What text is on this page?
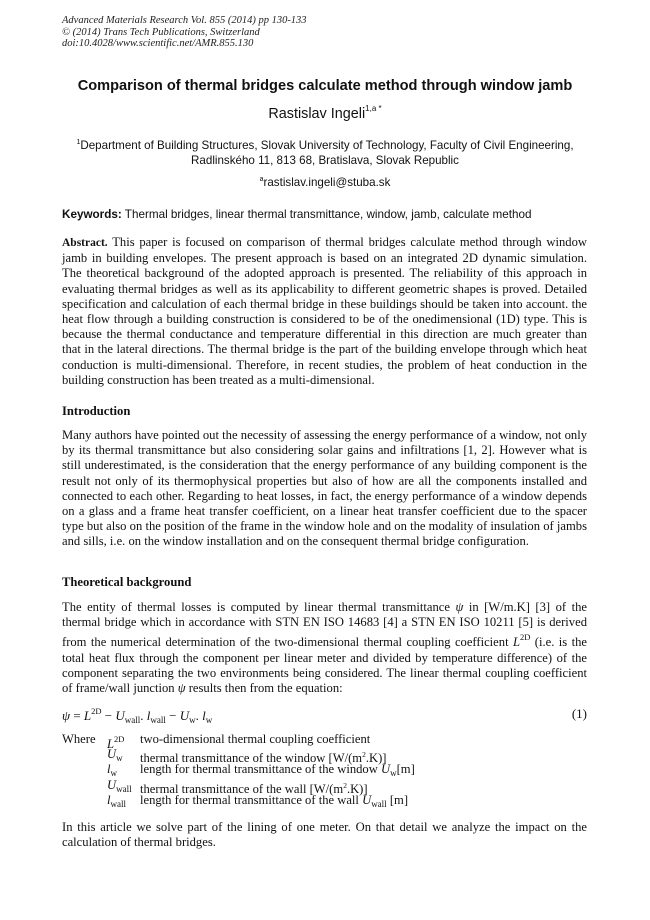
Advanced Materials Research Vol. 855 (2014) pp 130-133
© (2014) Trans Tech Publications, Switzerland
doi:10.4028/www.scientific.net/AMR.855.130
Comparison of thermal bridges calculate method through window jamb
Rastislav Ingeli$^{1,a *}$
$^1$Department of Building Structures, Slovak University of Technology, Faculty of Civil Engineering,
Radlinského 11, 813 68, Bratislava, Slovak Republic
$^a$rastislav.ingeli@stuba.sk
Keywords: Thermal bridges, linear thermal transmittance, window, jamb, calculate method
Abstract. This paper is focused on comparison of thermal bridges calculate method through window jamb in building envelopes. The present approach is based on an integrated 2D dynamic simulation. The theoretical background of the adopted approach is presented. The reliability of this approach in evaluating thermal bridges as well as its applicability to different geometric shapes is proved. Detailed specification and calculation of each thermal bridge in these buildings should be taken into account. the heat flow through a building construction is considered to be of the onedimensional (1D) type. This is because the thermal conductance and temperature differential in this direction are much greater than that in the lateral directions. The thermal bridge is the part of the building envelope through which heat conduction is multi-dimensional. Therefore, in recent studies, the problem of heat conduction in the building construction has been treated as a multi-dimensional.
Introduction
Many authors have pointed out the necessity of assessing the energy performance of a window, not only by its thermal transmittance but also considering solar gains and infiltrations [1, 2]. However what is still underestimated, is the consideration that the energy performance of any building component is the result not only of its thermophysical properties but also of how are all the components installed and connected to each other. Regarding to heat losses, in fact, the energy performance of a window depends on a glass and a frame heat transfer coefficient, on a linear heat transfer coefficient due to the spacer type but also on the position of the frame in the window hole and on the modality of insulation of jambs and sills, i.e. on the window installation and on the consequent thermal bridge configuration.
Theoretical background
The entity of thermal losses is computed by linear thermal transmittance ψ in [W/m.K] [3] of the thermal bridge which in accordance with STN EN ISO 14683 [4] a STN EN ISO 10211 [5] is derived from the numerical determination of the two-dimensional thermal coupling coefficient $L^{2D}$ (i.e. is the total heat flux through the component per linear meter and divided by temperature difference) of the component separating the two environments being considered. The linear thermal coupling coefficient of frame/wall junction ψ results then from the equation:
$\psi = L^{2D} - U_{wall}$. $l_{wall} - U_w$. $l_w$	(1)
Where $L^{2D}$ two-dimensional thermal coupling coefficient
$U_w$ thermal transmittance of the window $[W/(m^2.K)]$
$l_w$ length for thermal transmittance of the window $U_w[m]$
$U_{wall}$ thermal transmittance of the wall $[W/(m^2.K)]$
$l_{wall}$ length for thermal transmittance of the wall $U_{wall}$ [m]
In this article we solve part of the lining of one meter. On that detail we analyze the impact on the calculation of thermal bridges.
